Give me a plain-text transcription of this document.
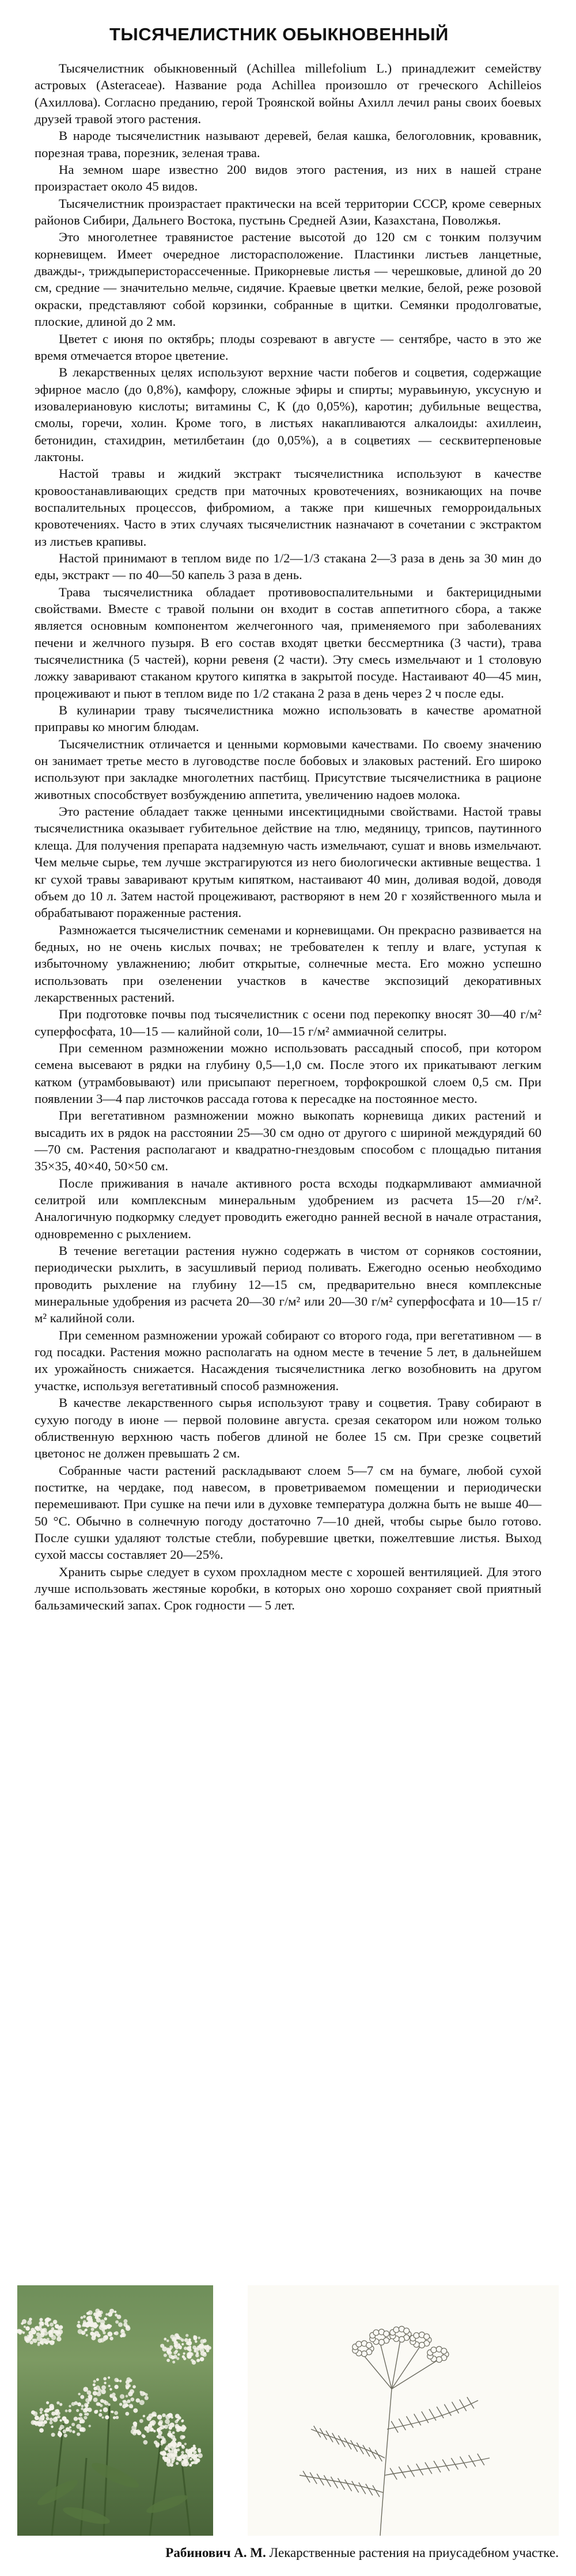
ТЫСЯЧЕЛИСТНИК ОБЫКНОВЕННЫЙ

Тысячелистник обыкновенный (Achillea millefolium L.) принадлежит семейству астровых (Asteraceae). Название рода Achillea произошло от греческого Achilleios (Ахиллова). Согласно преданию, герой Троянской войны Ахилл лечил раны своих боевых друзей травой этого растения.

В народе тысячелистник называют деревей, белая кашка, белоголовник, кровавник, порезная трава, порезник, зеленая трава.

На земном шаре известно 200 видов этого растения, из них в нашей стране произрастает около 45 видов.

Тысячелистник произрастает практически на всей территории СССР, кроме северных районов Сибири, Дальнего Востока, пустынь Средней Азии, Казахстана, Поволжья.

Это многолетнее травянистое растение высотой до 120 см с тонким ползучим корневищем. Имеет очередное листорасположение. Пластинки листьев ланцетные, дважды-, триждыперисторассеченные. Прикорневые листья — черешковые, длиной до 20 см, средние — значительно мельче, сидячие. Краевые цветки мелкие, белой, реже розовой окраски, представляют собой корзинки, собранные в щитки. Семянки продолговатые, плоские, длиной до 2 мм.

Цветет с июня по октябрь; плоды созревают в августе — сентябре, часто в это же время отмечается второе цветение.

В лекарственных целях используют верхние части побегов и соцветия, содержащие эфирное масло (до 0,8%), камфору, сложные эфиры и спирты; муравьиную, уксусную и изовалериановую кислоты; витамины С, К (до 0,05%), каротин; дубильные вещества, смолы, горечи, холин. Кроме того, в листьях накапливаются алкалоиды: ахиллеин, бетонидин, стахидрин, метилбетаин (до 0,05%), а в соцветиях — сесквитерпеновые лактоны.

Настой травы и жидкий экстракт тысячелистника используют в качестве кровоостанавливающих средств при маточных кровотечениях, возникающих на почве воспалительных процессов, фибромиом, а также при кишечных геморроидальных кровотечениях. Часто в этих случаях тысячелистник назначают в сочетании с экстрактом из листьев крапивы.

Настой принимают в теплом виде по 1/2—1/3 стакана 2—3 раза в день за 30 мин до еды, экстракт — по 40—50 капель 3 раза в день.

Трава тысячелистника обладает противовоспалительными и бактерицидными свойствами. Вместе с травой полыни он входит в состав аппетитного сбора, а также является основным компонентом желчегонного чая, применяемого при заболеваниях печени и желчного пузыря. В его состав входят цветки бессмертника (3 части), трава тысячелистника (5 частей), корни ревеня (2 части). Эту смесь измельчают и 1 столовую ложку заваривают стаканом крутого кипятка в закрытой посуде. Настаивают 40—45 мин, процеживают и пьют в теплом виде по 1/2 стакана 2 раза в день через 2 ч после еды.

В кулинарии траву тысячелистника можно использовать в качестве ароматной приправы ко многим блюдам.

Тысячелистник отличается и ценными кормовыми качествами. По своему значению он занимает третье место в луговодстве после бобовых и злаковых растений. Его широко используют при закладке многолетних пастбищ. Присутствие тысячелистника в рационе животных способствует возбуждению аппетита, увеличению надоев молока.

Это растение обладает также ценными инсектицидными свойствами. Настой травы тысячелистника оказывает губительное действие на тлю, медяницу, трипсов, паутинного клеща. Для получения препарата надземную часть измельчают, сушат и вновь измельчают. Чем мельче сырье, тем лучше экстрагируются из него биологически активные вещества. 1 кг сухой травы заваривают крутым кипятком, настаивают 40 мин, доливая водой, доводя объем до 10 л. Затем настой процеживают, растворяют в нем 20 г хозяйственного мыла и обрабатывают пораженные растения.

Размножается тысячелистник семенами и корневищами. Он прекрасно развивается на бедных, но не очень кислых почвах; не требователен к теплу и влаге, уступая к избыточному увлажнению; любит открытые, солнечные места. Его можно успешно использовать при озеленении участков в качестве экспозиций декоративных лекарственных растений.

При подготовке почвы под тысячелистник с осени под перекопку вносят 30—40 г/м² суперфосфата, 10—15 — калийной соли, 10—15 г/м² аммиачной селитры.

При семенном размножении можно использовать рассадный способ, при котором семена высевают в рядки на глубину 0,5—1,0 см. После этого их прикатывают легким катком (утрамбовывают) или присыпают перегноем, торфокрошкой слоем 0,5 см. При появлении 3—4 пар листочков рассада готова к пересадке на постоянное место.

При вегетативном размножении можно выкопать корневища диких растений и высадить их в рядок на расстоянии 25—30 см одно от другого с шириной междурядий 60—70 см. Растения располагают и квадратно-гнездовым способом с площадью питания 35×35, 40×40, 50×50 см.

После приживания в начале активного роста всходы подкармливают аммиачной селитрой или комплексным минеральным удобрением из расчета 15—20 г/м². Аналогичную подкормку следует проводить ежегодно ранней весной в начале отрастания, одновременно с рыхлением.

В течение вегетации растения нужно содержать в чистом от сорняков состоянии, периодически рыхлить, в засушливый период поливать. Ежегодно осенью необходимо проводить рыхление на глубину 12—15 см, предварительно внеся комплексные минеральные удобрения из расчета 20—30 г/м² или 20—30 г/м² суперфосфата и 10—15 г/м² калийной соли.

При семенном размножении урожай собирают со второго года, при вегетативном — в год посадки. Растения можно располагать на одном месте в течение 5 лет, в дальнейшем их урожайность снижается. Насаждения тысячелистника легко возобновить на другом участке, используя вегетативный способ размножения.

В качестве лекарственного сырья используют траву и соцветия. Траву собирают в сухую погоду в июне — первой половине августа. срезая секатором или ножом только облиственную верхнюю часть побегов длиной не более 15 см. При срезке соцветий цветонос не должен превышать 2 см.

Собранные части растений раскладывают слоем 5—7 см на бумаге, любой сухой поститке, на чердаке, под навесом, в проветриваемом помещении и периодически перемешивают. При сушке на печи или в духовке температура должна быть не выше 40—50 °С. Обычно в солнечную погоду достаточно 7—10 дней, чтобы сырье было готово. После сушки удаляют толстые стебли, побуревшие цветки, пожелтевшие листья. Выход сухой массы составляет 20—25%.

Хранить сырье следует в сухом прохладном месте с хорошей вентиляцией. Для этого лучше использовать жестяные коробки, в которых оно хорошо сохраняет свой приятный бальзамический запах. Срок годности — 5 лет.

Рабинович А. М. Лекарственные растения на приусадебном участке.
